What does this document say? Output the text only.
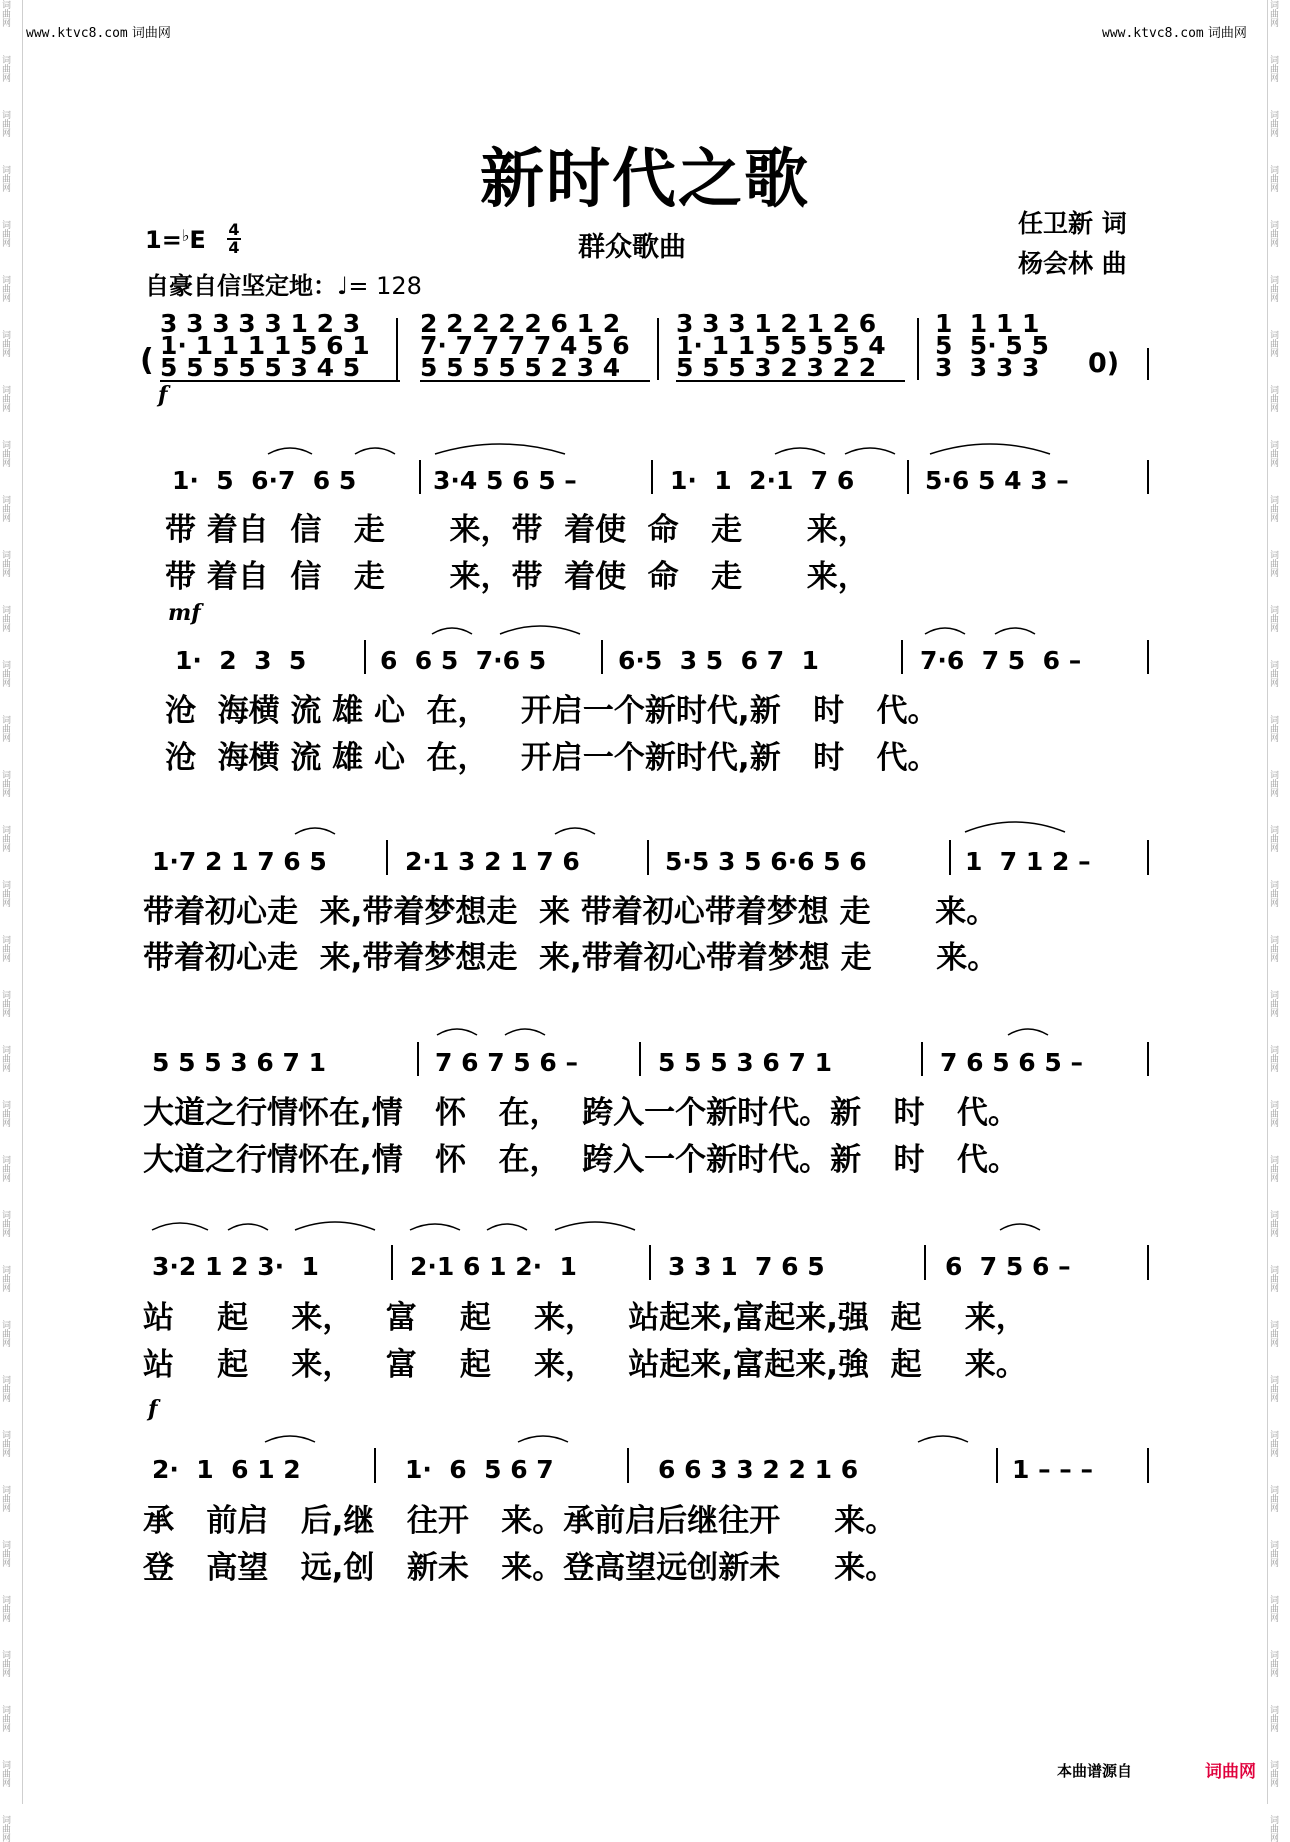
词曲网
词曲网
词曲网
词曲网
词曲网
词曲网
词曲网
词曲网
词曲网
词曲网
词曲网
词曲网
词曲网
词曲网
词曲网
词曲网
词曲网
词曲网
词曲网
词曲网
词曲网
词曲网
词曲网
词曲网
词曲网
词曲网
词曲网
词曲网
词曲网
词曲网
词曲网
词曲网
词曲网
词曲网
词曲网
词曲网
词曲网
词曲网
词曲网
词曲网
词曲网
词曲网
词曲网
词曲网
词曲网
词曲网
词曲网
词曲网
词曲网
词曲网
词曲网
词曲网
词曲网
词曲网
词曲网
词曲网
词曲网
词曲网
词曲网
词曲网
词曲网
词曲网
词曲网
词曲网
词曲网
词曲网
词曲网
词曲网
www.ktvc8.com 词曲网	www.ktvc8.com 词曲网
新时代之歌
1=♭E 4
4	群众歌曲
任卫新 词
杨会林 曲
自豪自信坚定地：♩= 128
(
3 3 3 3 3 1 2 3 2 2 2 2 2 6 1 2 3 3 3 1 2 1 2 6 1  1 1 1
1· 1 1 1 1 5 6 1 7· 7 7 7 7 4 5 6 1· 1 1 5 5 5 5 4 5  5· 5 5
5 5 5 5 5 3 4 5 5 5 5 5 5 2 3 4 5 5 5 3 2 3 2 2 3  3 3 3 0)
f
1·  5  6·7  6 5	3·4 5 6 5 –	1·  1  2·1  7 6	5·6 5 4 3 –
带 着自  信   走      来，带  着使  命   走      来，
带 着自  信   走      来，带  着使  命   走      来，
mf
1·  2  3  5	6  6 5  7·6 5	6·5  3 5  6 7  1	7·6  7 5  6 –
沧  海横 流 雄 心  在，   开启一个新时代,新   时   代。
沧  海横 流 雄 心  在，   开启一个新时代,新   时   代。
1·7 2 1 7 6 5	2·1 3 2 1 7 6	5·5 3 5 6·6 5 6	1  7 1 2 –
带着初心走  来,带着梦想走  来 带着初心带着梦想 走      来。
带着初心走  来,带着梦想走  来,带着初心带着梦想 走      来。
5 5 5 3 6 7 1	7 6 7 5 6 –	5 5 5 3 6 7 1	7 6 5 6 5 –
大道之行情怀在,情   怀   在，  跨入一个新时代。新   时   代。
大道之行情怀在,情   怀   在，  跨入一个新时代。新   时   代。
3·2 1 2 3·  1	2·1 6 1 2·  1	3 3 1  7 6 5	6  7 5 6 –
站    起    来，   富    起    来，   站起来,富起来,强  起    来，
站    起    来，   富    起    来，   站起来,富起来,強  起    来。
f
2·  1  6 1 2	1·  6  5 6 7	6 6 3 3 2 2 1 6	1 – – –
承   前启   后,继   往开   来。承前启后继往开     来。
登   高望   远,创   新未   来。登高望远创新未     来。
本曲谱源自	词曲网
